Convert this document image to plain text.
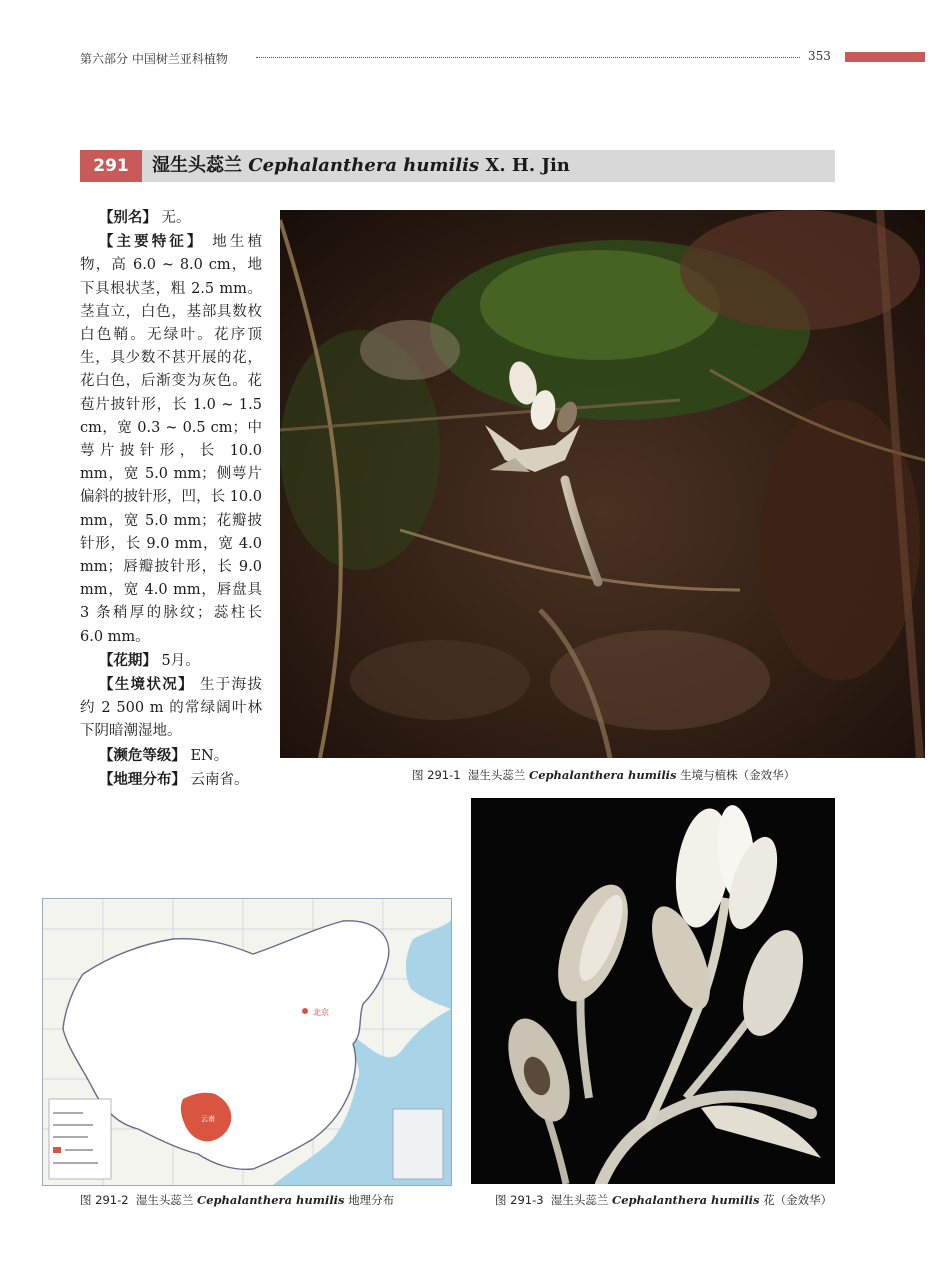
第六部分 中国树兰亚科植物	353
291	湿生头蕊兰 Cephalanthera humilis X. H. Jin

【别名】 无。

【主要特征】 地生植物，高 6.0 ~ 8.0 cm，地下具根状茎，粗 2.5 mm。茎直立，白色，基部具数枚白色鞘。无绿叶。花序顶生，具少数不甚开展的花，花白色，后渐变为灰色。花苞片披针形，长 1.0 ~ 1.5 cm，宽 0.3 ~ 0.5 cm；中萼片披针形，长 10.0 mm，宽 5.0 mm；侧萼片偏斜的披针形，凹，长 10.0 mm，宽 5.0 mm；花瓣披针形，长 9.0 mm，宽 4.0 mm；唇瓣披针形，长 9.0 mm，宽 4.0 mm，唇盘具 3 条稍厚的脉纹；蕊柱长 6.0 mm。

【花期】 5月。

【生境状况】 生于海拔约 2 500 m 的常绿阔叶林下阴暗潮湿地。

【濒危等级】 EN。

【地理分布】 云南省。	图 291-1 湿生头蕊兰 Cephalanthera humilis 生境与植株（金效华）
北京
云南
图 291-2 湿生头蕊兰 Cephalanthera humilis 地理分布	图 291-3 湿生头蕊兰 Cephalanthera humilis 花（金效华）
